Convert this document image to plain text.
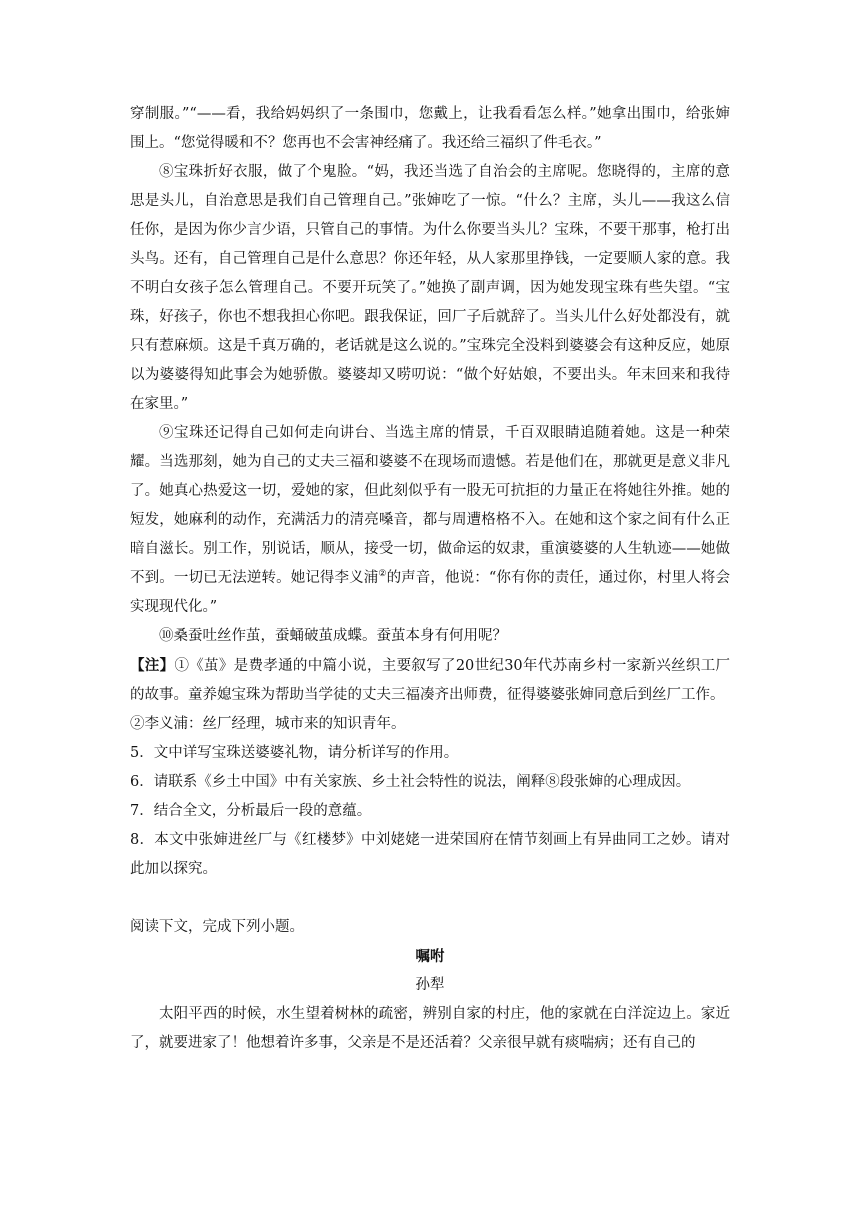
穿制服。”“——看，我给妈妈织了一条围巾，您戴上，让我看看怎么样。”她拿出围巾，给张婶围上。“您觉得暖和不？您再也不会害神经痛了。我还给三福织了件毛衣。”

⑧宝珠折好衣服，做了个鬼脸。“妈，我还当选了自治会的主席呢。您晓得的，主席的意思是头儿，自治意思是我们自己管理自己。”张婶吃了一惊。“什么？主席，头儿——我这么信任你，是因为你少言少语，只管自己的事情。为什么你要当头儿？宝珠，不要干那事，枪打出头鸟。还有，自己管理自己是什么意思？你还年轻，从人家那里挣钱，一定要顺人家的意。我不明白女孩子怎么管理自己。不要开玩笑了。”她换了副声调，因为她发现宝珠有些失望。“宝珠，好孩子，你也不想我担心你吧。跟我保证，回厂子后就辞了。当头儿什么好处都没有，就只有惹麻烦。这是千真万确的，老话就是这么说的。”宝珠完全没料到婆婆会有这种反应，她原以为婆婆得知此事会为她骄傲。婆婆却又唠叨说：“做个好姑娘，不要出头。年末回来和我待在家里。”

⑨宝珠还记得自己如何走向讲台、当选主席的情景，千百双眼睛追随着她。这是一种荣耀。当选那刻，她为自己的丈夫三福和婆婆不在现场而遗憾。若是他们在，那就更是意义非凡了。她真心热爱这一切，爱她的家，但此刻似乎有一股无可抗拒的力量正在将她往外推。她的短发，她麻利的动作，充满活力的清亮嗓音，都与周遭格格不入。在她和这个家之间有什么正暗自滋长。别工作，别说话，顺从，接受一切，做命运的奴隶，重演婆婆的人生轨迹——她做不到。一切已无法逆转。她记得李义浦②的声音，他说：“你有你的责任，通过你，村里人将会实现现代化。”

⑩桑蚕吐丝作茧，蚕蛹破茧成蝶。蚕茧本身有何用呢？

【注】①《茧》是费孝通的中篇小说，主要叙写了20世纪30年代苏南乡村一家新兴丝织工厂的故事。童养媳宝珠为帮助当学徒的丈夫三福凑齐出师费，征得婆婆张婶同意后到丝厂工作。

②李义浦：丝厂经理，城市来的知识青年。

5．文中详写宝珠送婆婆礼物，请分析详写的作用。

6．请联系《乡土中国》中有关家族、乡土社会特性的说法，阐释⑧段张婶的心理成因。

7．结合全文，分析最后一段的意蕴。

8．本文中张婶进丝厂与《红楼梦》中刘姥姥一进荣国府在情节刻画上有异曲同工之妙。请对此加以探究。

阅读下文，完成下列小题。

嘱咐

孙犁

太阳平西的时候，水生望着树林的疏密，辨别自家的村庄，他的家就在白洋淀边上。家近了，就要进家了！他想着许多事，父亲是不是还活着？父亲很早就有痰喘病；还有自己的
